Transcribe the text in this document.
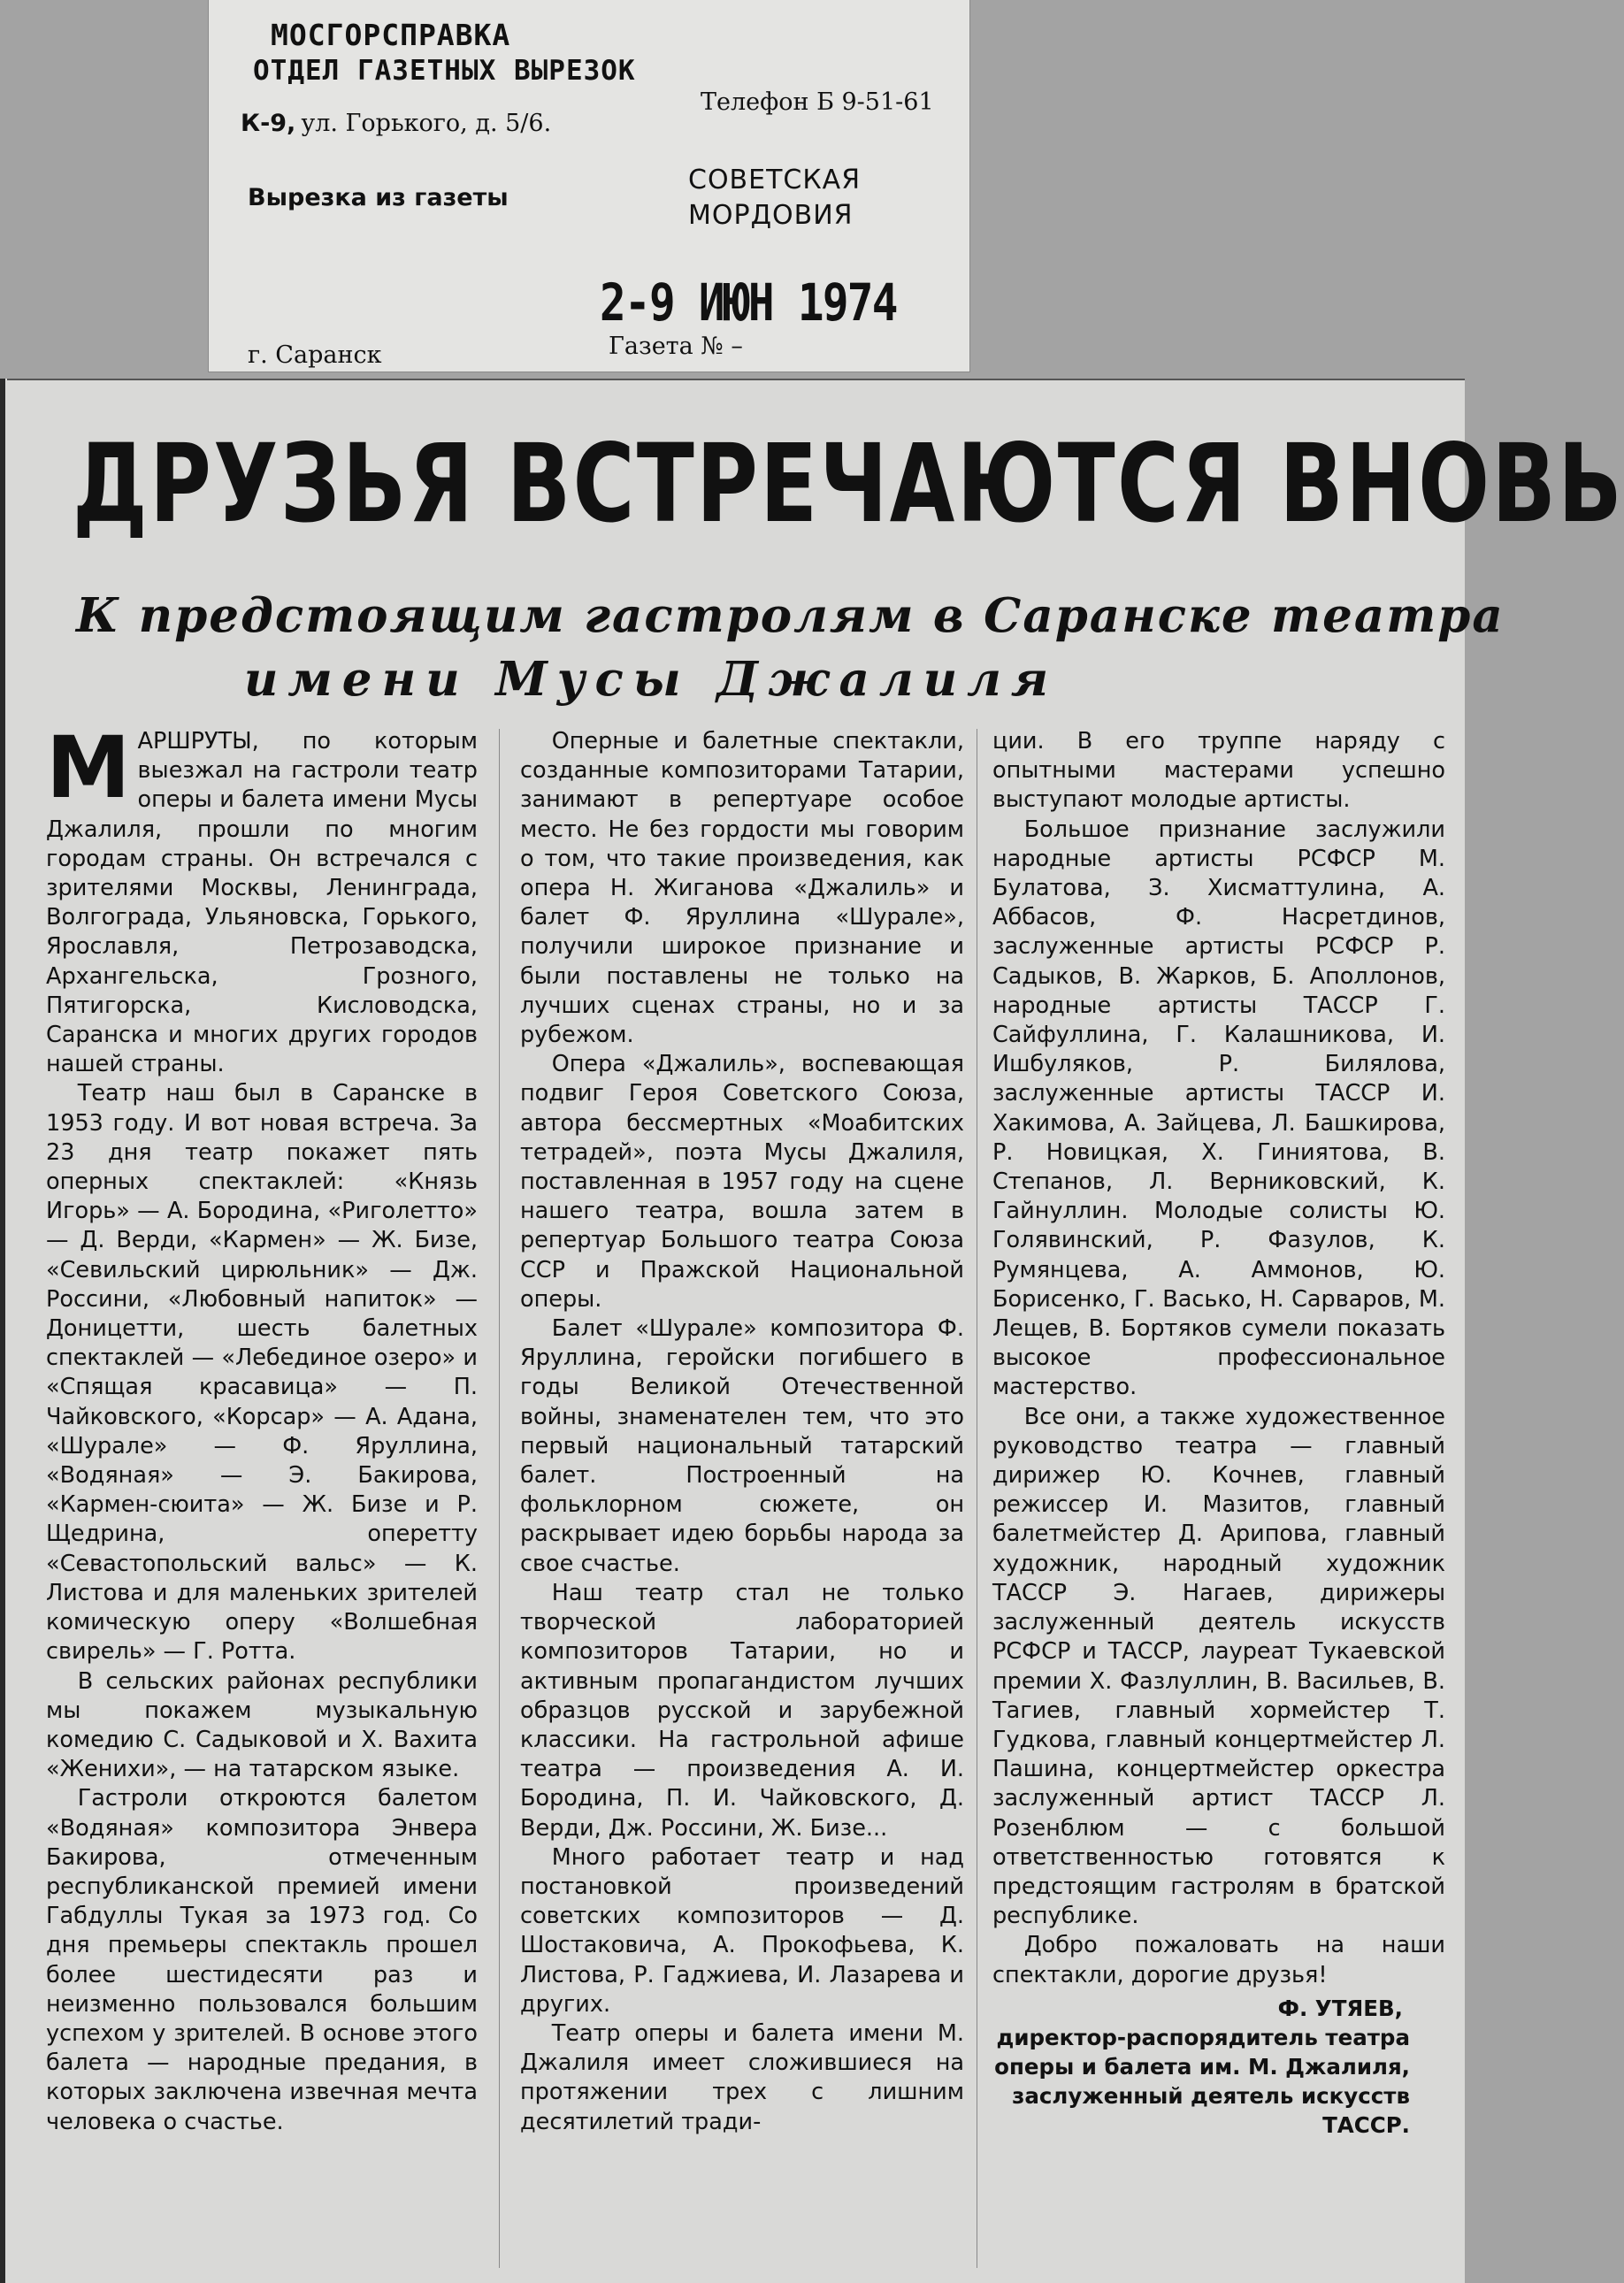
МОСГОРСПРАВКА
ОТДЕЛ ГАЗЕТНЫХ ВЫРЕЗОК
К-9, ул. Горького, д. 5/6.
Телефон Б 9-51-61
Вырезка из газеты
СОВЕТСКАЯ
МОРДОВИЯ
2-9 ИЮН 1974
г. Саранск	Газета № –
ДРУЗЬЯ ВСТРЕЧАЮТСЯ ВНОВЬ
К предстоящим гастролям в Саранске театра
имени Мусы Джалиля

МАРШРУТЫ, по которым выезжал на гастроли театр оперы и балета имени Мусы Джалиля, прошли по многим городам страны. Он встречался с зрителями Москвы, Ленинграда, Волгограда, Ульяновска, Горького, Ярославля, Петрозаводска, Архангельска, Грозного, Пятигорска, Кисловодска, Саранска и многих других городов нашей страны.

Театр наш был в Саранске в 1953 году. И вот новая встреча. За 23 дня театр покажет пять оперных спектаклей: «Князь Игорь» — А. Бородина, «Риголетто» — Д. Верди, «Кармен» — Ж. Бизе, «Севильский цирюльник» — Дж. Россини, «Любовный напиток» — Доницетти, шесть балетных спектаклей — «Лебединое озеро» и «Спящая красавица» — П. Чайковского, «Корсар» — А. Адана, «Шурале» — Ф. Яруллина, «Водяная» — Э. Бакирова, «Кармен-сюита» — Ж. Бизе и Р. Щедрина, оперетту «Севастопольский вальс» — К. Листова и для маленьких зрителей комическую оперу «Волшебная свирель» — Г. Ротта.

В сельских районах республики мы покажем музыкальную комедию С. Садыковой и Х. Вахита «Женихи», — на татарском языке.

Гастроли откроются балетом «Водяная» композитора Энвера Бакирова, отмеченным республиканской премией имени Габдуллы Тукая за 1973 год. Со дня премьеры спектакль прошел более шестидесяти раз и неизменно пользовался большим успехом у зрителей. В основе этого балета — народные предания, в которых заключена извечная мечта человека о счастье.

Оперные и балетные спектакли, созданные композиторами Татарии, занимают в репертуаре особое место. Не без гордости мы говорим о том, что такие произведения, как опера Н. Жиганова «Джалиль» и балет Ф. Яруллина «Шурале», получили широкое признание и были поставлены не только на лучших сценах страны, но и за рубежом.

Опера «Джалиль», воспевающая подвиг Героя Советского Союза, автора бессмертных «Моабитских тетрадей», поэта Мусы Джалиля, поставленная в 1957 году на сцене нашего театра, вошла затем в репертуар Большого театра Союза ССР и Пражской Национальной оперы.

Балет «Шурале» композитора Ф. Яруллина, геройски погибшего в годы Великой Отечественной войны, знаменателен тем, что это первый национальный татарский балет. Построенный на фольклорном сюжете, он раскрывает идею борьбы народа за свое счастье.

Наш театр стал не только творческой лабораторией композиторов Татарии, но и активным пропагандистом лучших образцов русской и зарубежной классики. На гастрольной афише театра — произведения А. И. Бородина, П. И. Чайковского, Д. Верди, Дж. Россини, Ж. Бизе...

Много работает театр и над постановкой произведений советских композиторов — Д. Шостаковича, А. Прокофьева, К. Листова, Р. Гаджиева, И. Лазарева и других.

Театр оперы и балета имени М. Джалиля имеет сложившиеся на протяжении трех с лишним десятилетий тради-

ции. В его труппе наряду с опытными мастерами успешно выступают молодые артисты.

Большое признание заслужили народные артисты РСФСР М. Булатова, З. Хисматтулина, А. Аббасов, Ф. Насретдинов, заслуженные артисты РСФСР Р. Садыков, В. Жарков, Б. Аполлонов, народные артисты ТАССР Г. Сайфуллина, Г. Калашникова, И. Ишбуляков, Р. Билялова, заслуженные артисты ТАССР И. Хакимова, А. Зайцева, Л. Башкирова, Р. Новицкая, Х. Гиниятова, В. Степанов, Л. Верниковский, К. Гайнуллин. Молодые солисты Ю. Голявинский, Р. Фазулов, К. Румянцева, А. Аммонов, Ю. Борисенко, Г. Васько, Н. Сарваров, М. Лещев, В. Бортяков сумели показать высокое профессиональное мастерство.

Все они, а также художественное руководство театра — главный дирижер Ю. Кочнев, главный режиссер И. Мазитов, главный балетмейстер Д. Арипова, главный художник, народный художник ТАССР Э. Нагаев, дирижеры заслуженный деятель искусств РСФСР и ТАССР, лауреат Тукаевской премии Х. Фазлуллин, В. Васильев, В. Тагиев, главный хормейстер Т. Гудкова, главный концертмейстер Л. Пашина, концертмейстер оркестра заслуженный артист ТАССР Л. Розенблюм — с большой ответственностью готовятся к предстоящим гастролям в братской республике.

Добро пожаловать на наши спектакли, дорогие друзья!

Ф. УТЯЕВ,
директор-распорядитель театра оперы и балета им. М. Джалиля, заслуженный деятель искусств ТАССР.
